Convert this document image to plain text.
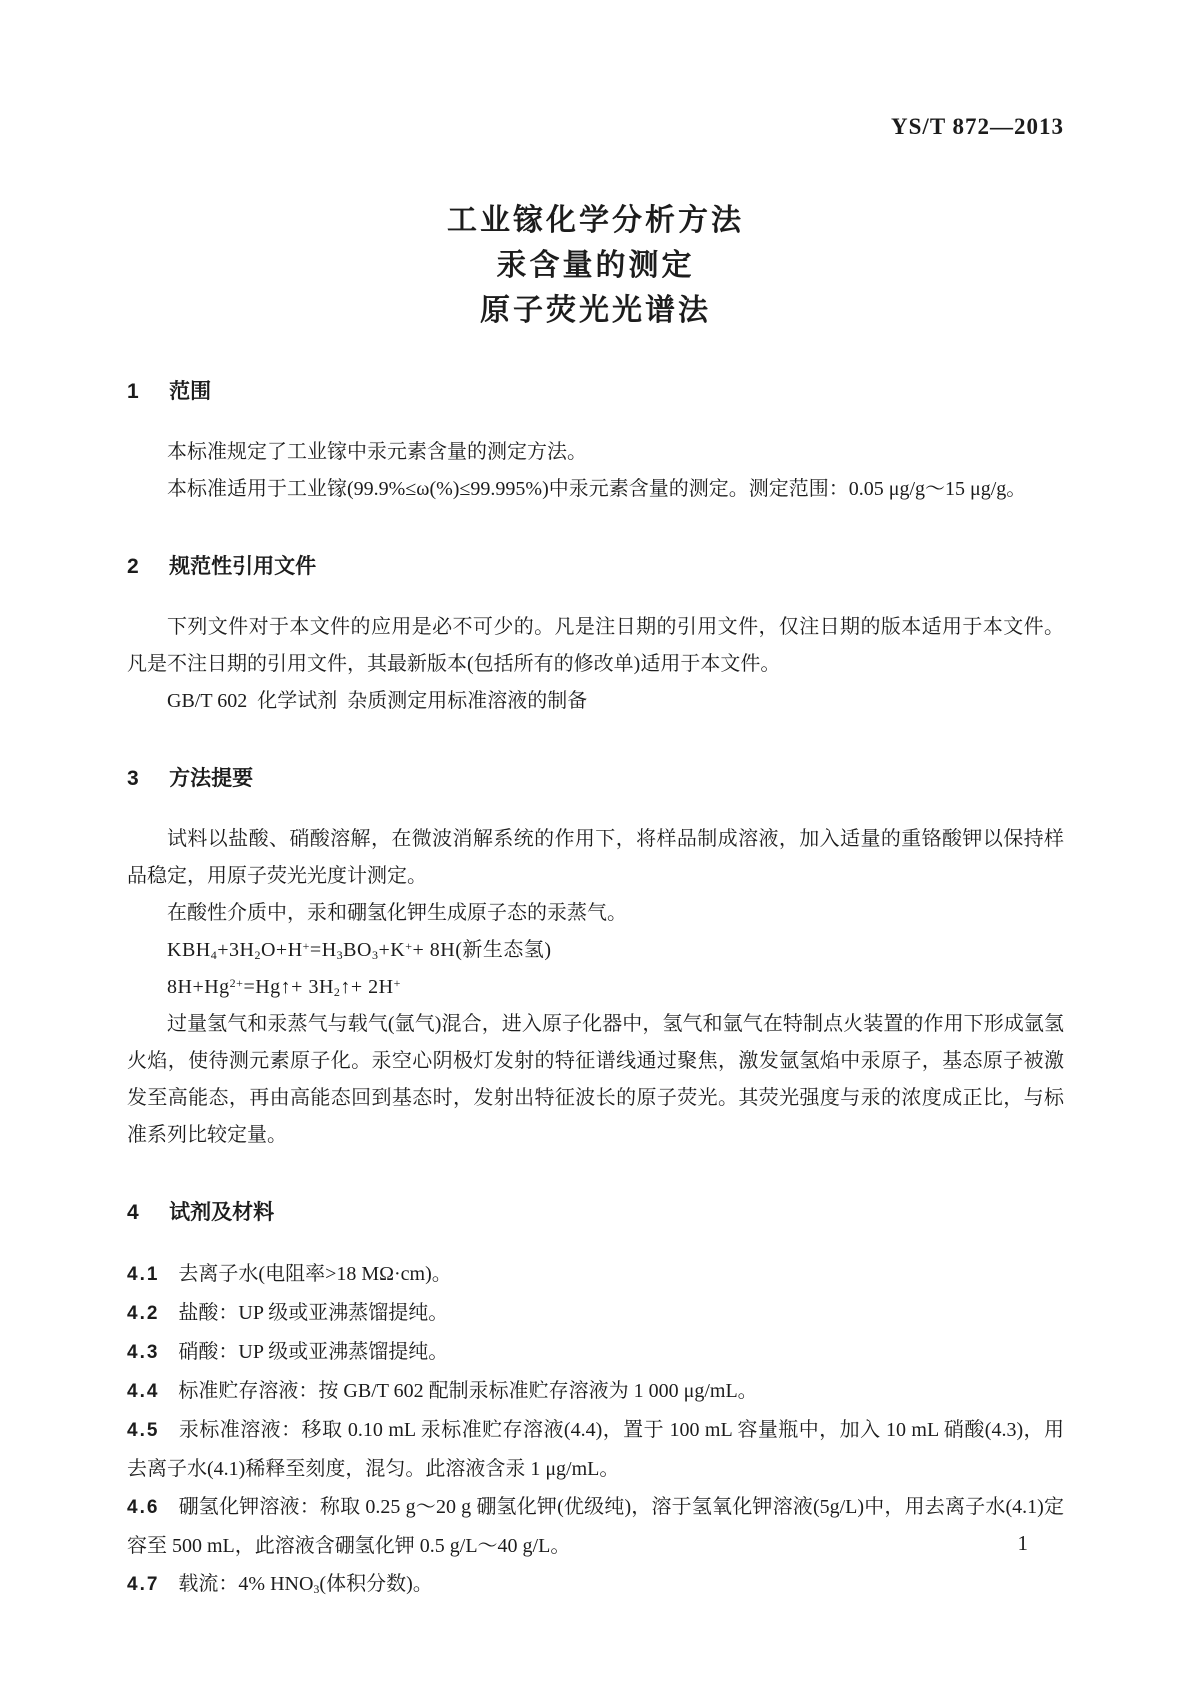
YS/T 872—2013
工业镓化学分析方法
汞含量的测定
原子荧光光谱法
1 范围

本标准规定了工业镓中汞元素含量的测定方法。

本标准适用于工业镓(99.9%≤ω(%)≤99.995%)中汞元素含量的测定。测定范围：0.05 μg/g～15 μg/g。

2 规范性引用文件

下列文件对于本文件的应用是必不可少的。凡是注日期的引用文件，仅注日期的版本适用于本文件。凡是不注日期的引用文件，其最新版本(包括所有的修改单)适用于本文件。

GB/T 602  化学试剂  杂质测定用标准溶液的制备

3 方法提要

试料以盐酸、硝酸溶解，在微波消解系统的作用下，将样品制成溶液，加入适量的重铬酸钾以保持样品稳定，用原子荧光光度计测定。

在酸性介质中，汞和硼氢化钾生成原子态的汞蒸气。

$KBH_4+3H_2O+H^+=H_3BO_3+K^++ 8H$(新生态氢)

$8H+Hg^{2+}=Hg↑+$ $3H_2↑+ 2H^+$

过量氢气和汞蒸气与载气(氩气)混合，进入原子化器中，氢气和氩气在特制点火装置的作用下形成氩氢火焰，使待测元素原子化。汞空心阴极灯发射的特征谱线通过聚焦，激发氩氢焰中汞原子，基态原子被激发至高能态，再由高能态回到基态时，发射出特征波长的原子荧光。其荧光强度与汞的浓度成正比，与标准系列比较定量。

4 试剂及材料

4.1 去离子水(电阻率>18 MΩ·cm)。

4.2 盐酸：UP 级或亚沸蒸馏提纯。

4.3 硝酸：UP 级或亚沸蒸馏提纯。

4.4 标准贮存溶液：按 GB/T 602 配制汞标准贮存溶液为 1 000 μg/mL。

4.5 汞标准溶液：移取 0.10 mL 汞标准贮存溶液(4.4)，置于 100 mL 容量瓶中，加入 10 mL 硝酸(4.3)，用去离子水(4.1)稀释至刻度，混匀。此溶液含汞 1 μg/mL。

4.6 硼氢化钾溶液：称取 0.25 g～20 g 硼氢化钾(优级纯)，溶于氢氧化钾溶液(5g/L)中，用去离子水(4.1)定容至 500 mL，此溶液含硼氢化钾 0.5 g/L～40 g/L。

4.7 载流：4% $HNO_3$(体积分数)。

1
